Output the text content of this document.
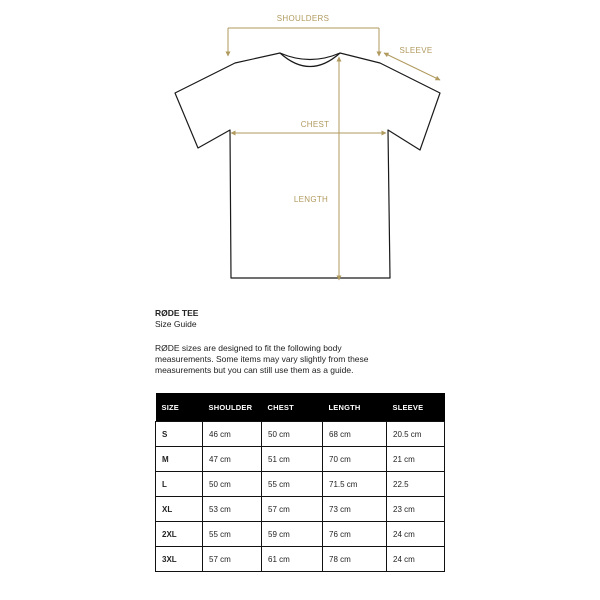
SHOULDERS
SLEEVE
CHEST
LENGTH
RØDE TEE
Size Guide
RØDE sizes are designed to fit the following body measurements. Some items may vary slightly from these measurements but you can still use them as a guide.
SIZE	SHOULDER	CHEST	LENGTH	SLEEVE
S	46 cm	50 cm	68 cm	20.5 cm
M	47 cm	51 cm	70 cm	21 cm
L	50 cm	55 cm	71.5 cm	22.5
XL	53 cm	57 cm	73 cm	23 cm
2XL	55 cm	59 cm	76 cm	24 cm
3XL	57 cm	61 cm	78 cm	24 cm
